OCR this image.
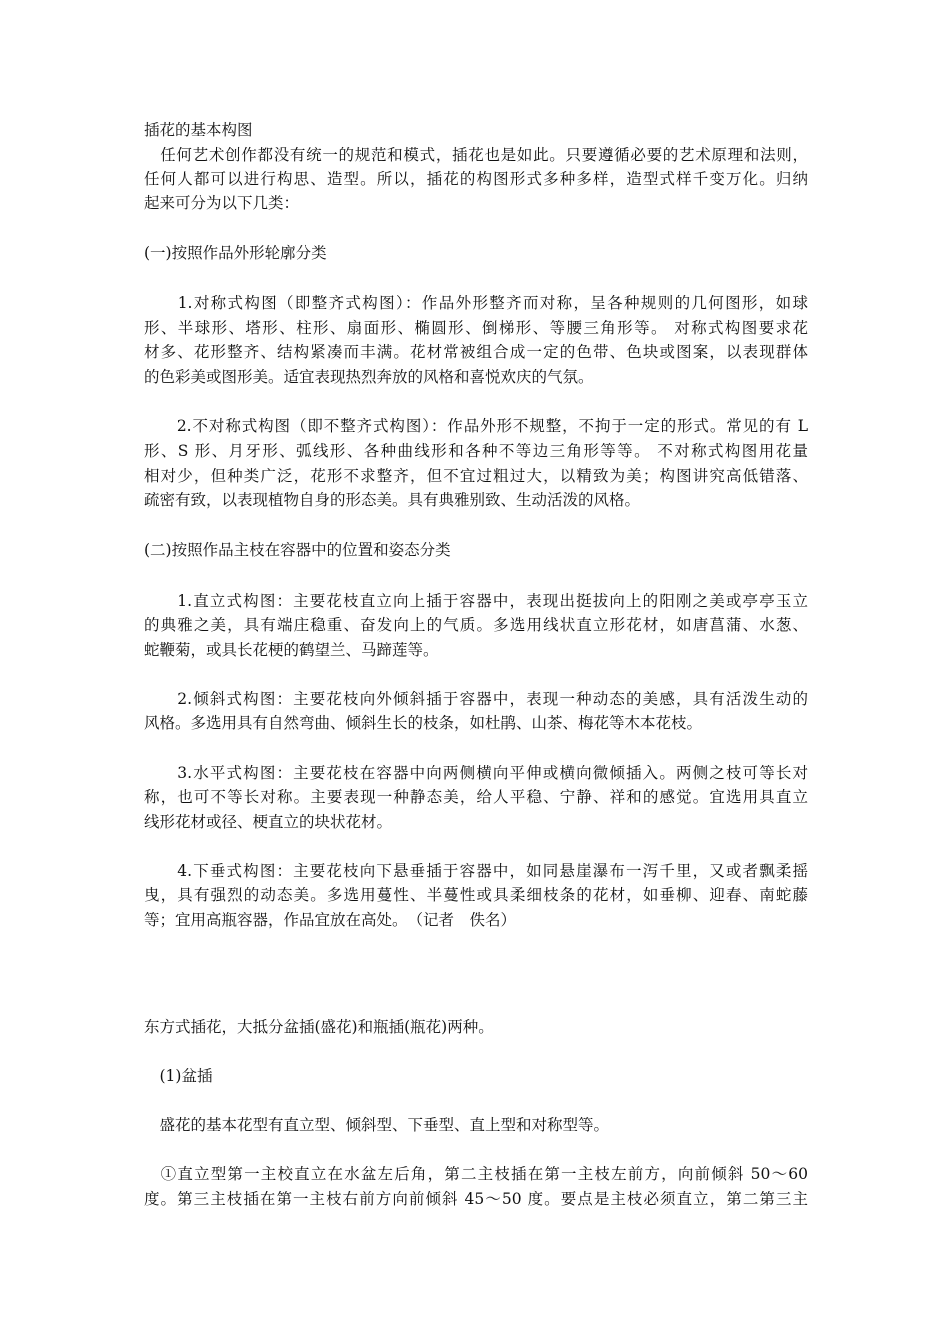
插花的基本构图
　任何艺术创作都没有统一的规范和模式，插花也是如此。只要遵循必要的艺术原理和法则，
任何人都可以进行构思、造型。所以，插花的构图形式多种多样，造型式样千变万化。归纳
起来可分为以下几类：
(一)按照作品外形轮廓分类
　　1.对称式构图（即整齐式构图）：作品外形整齐而对称，呈各种规则的几何图形，如球
形、半球形、塔形、柱形、扇面形、椭圆形、倒梯形、等腰三角形等。 对称式构图要求花
材多、花形整齐、结构紧凑而丰满。花材常被组合成一定的色带、色块或图案，以表现群体
的色彩美或图形美。适宜表现热烈奔放的风格和喜悦欢庆的气氛。
　　2.不对称式构图（即不整齐式构图）：作品外形不规整，不拘于一定的形式。常见的有 L
形、S 形、月牙形、弧线形、各种曲线形和各种不等边三角形等等。 不对称式构图用花量
相对少，但种类广泛，花形不求整齐，但不宜过粗过大，以精致为美；构图讲究高低错落、
疏密有致，以表现植物自身的形态美。具有典雅别致、生动活泼的风格。
(二)按照作品主枝在容器中的位置和姿态分类
　　1.直立式构图：主要花枝直立向上插于容器中，表现出挺拔向上的阳刚之美或亭亭玉立
的典雅之美，具有端庄稳重、奋发向上的气质。多选用线状直立形花材，如唐菖蒲、水葱、
蛇鞭菊，或具长花梗的鹤望兰、马蹄莲等。
　　2.倾斜式构图：主要花枝向外倾斜插于容器中，表现一种动态的美感，具有活泼生动的
风格。多选用具有自然弯曲、倾斜生长的枝条，如杜鹃、山茶、梅花等木本花枝。
　　3.水平式构图：主要花枝在容器中向两侧横向平伸或横向微倾插入。两侧之枝可等长对
称，也可不等长对称。主要表现一种静态美，给人平稳、宁静、祥和的感觉。宜选用具直立
线形花材或径、梗直立的块状花材。
　　4.下垂式构图：主要花枝向下悬垂插于容器中，如同悬崖瀑布一泻千里，又或者飘柔摇
曳，具有强烈的动态美。多选用蔓性、半蔓性或具柔细枝条的花材，如垂柳、迎春、南蛇藤
等；宜用高瓶容器，作品宜放在高处。　（记者　佚名）
东方式插花，大抵分盆插(盛花)和瓶插(瓶花)两种。
　(1)盆插
　盛花的基本花型有直立型、倾斜型、下垂型、直上型和对称型等。
　①直立型第一主校直立在水盆左后角，第二主枝插在第一主枝左前方，向前倾斜 50～60
度。第三主枝插在第一主枝右前方向前倾斜 45～50 度。要点是主枝必须直立，第二第三主
